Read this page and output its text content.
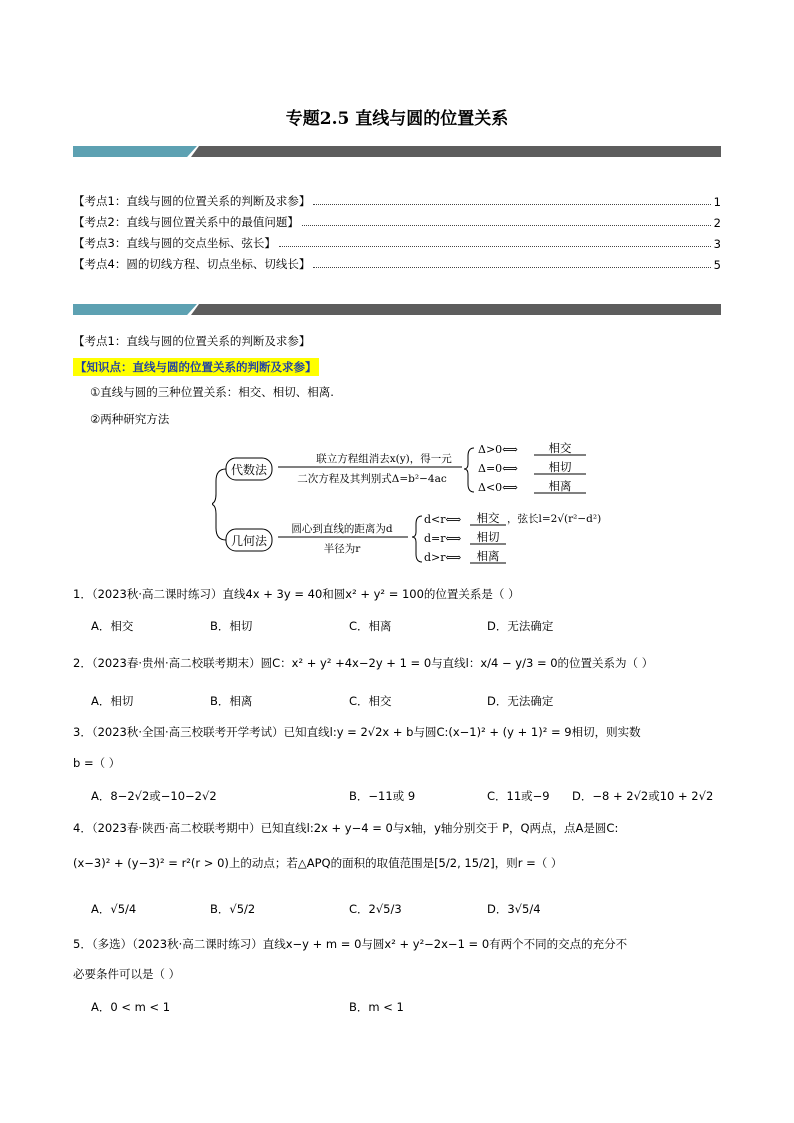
专题2.5 直线与圆的位置关系
【考点1：直线与圆的位置关系的判断及求参】	1
【考点2：直线与圆位置关系中的最值问题】	2
【考点3：直线与圆的交点坐标、弦长】	3
【考点4：圆的切线方程、切点坐标、切线长】	5
【考点1：直线与圆的位置关系的判断及求参】
【知识点：直线与圆的位置关系的判断及求参】
①直线与圆的三种位置关系：相交、相切、相离.
②两种研究方法
代数法
联立方程组消去x(y)，得一元
二次方程及其判别式Δ=b²−4ac
Δ>0⟺	相交
Δ=0⟺	相切
Δ<0⟺	相离
几何法
圆心到直线的距离为d
半径为r
d<r⟺ 相交 ，弦长l=2√(r²−d²)
d=r⟺ 相切
d>r⟺ 相离
1．（2023秋·高二课时练习）直线4x + 3y = 40和圆x² + y² = 100的位置关系是（ ）
A．相交	B．相切	C．相离	D．无法确定
2．（2023春·贵州·高二校联考期末）圆C：x² + y² +4x−2y + 1 = 0与直线l：x/4 − y/3 = 0的位置关系为（ ）
A．相切	B．相离	C．相交	D．无法确定
3．（2023秋·全国·高三校联考开学考试）已知直线l:y = 2√2x + b与圆C:(x−1)² + (y + 1)² = 9相切，则实数
b =（ ）
A．8−2√2或−10−2√2	B．−11或 9	C．11或−9 D．−8 + 2√2或10 + 2√2
4．（2023春·陕西·高二校联考期中）已知直线l:2x + y−4 = 0与x轴，y轴分别交于 P，Q两点，点A是圆C:
(x−3)² + (y−3)² = r²(r > 0)上的动点；若△APQ的面积的取值范围是[5/2, 15/2]，则r =（ ）
A．√5/4	B．√5/2	C．2√5/3	D．3√5/4
5．（多选）（2023秋·高二课时练习）直线x−y + m = 0与圆x² + y²−2x−1 = 0有两个不同的交点的充分不
必要条件可以是（ ）
A．0 < m < 1	B．m < 1
